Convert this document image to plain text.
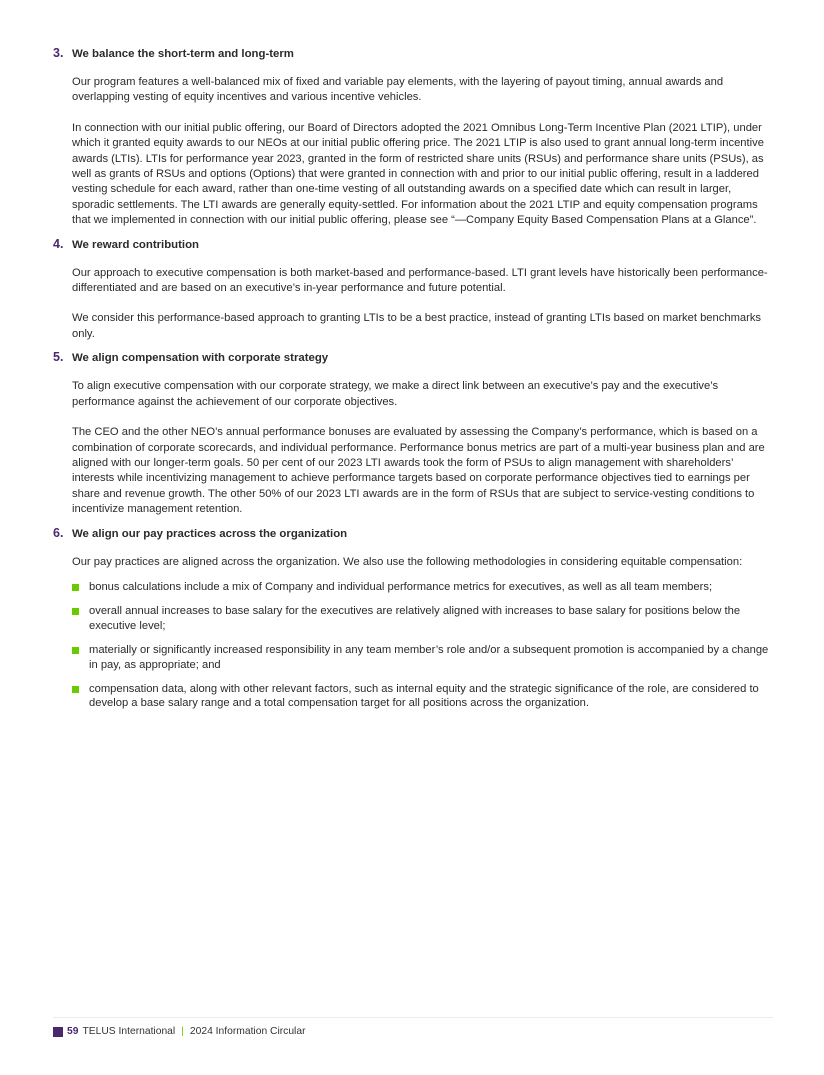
3. We balance the short-term and long-term

Our program features a well-balanced mix of fixed and variable pay elements, with the layering of payout timing, annual awards and overlapping vesting of equity incentives and various incentive vehicles.

In connection with our initial public offering, our Board of Directors adopted the 2021 Omnibus Long-Term Incentive Plan (2021 LTIP), under which it granted equity awards to our NEOs at our initial public offering price. The 2021 LTIP is also used to grant annual long-term incentive awards (LTIs). LTIs for performance year 2023, granted in the form of restricted share units (RSUs) and performance share units (PSUs), as well as grants of RSUs and options (Options) that were granted in connection with and prior to our initial public offering, result in a laddered vesting schedule for each award, rather than one-time vesting of all outstanding awards on a specified date which can result in larger, sporadic settlements. The LTI awards are generally equity-settled. For information about the 2021 LTIP and equity compensation programs that we implemented in connection with our initial public offering, please see “—Company Equity Based Compensation Plans at a Glance”.

4. We reward contribution

Our approach to executive compensation is both market-based and performance-based. LTI grant levels have historically been performance-differentiated and are based on an executive’s in-year performance and future potential.

We consider this performance-based approach to granting LTIs to be a best practice, instead of granting LTIs based on market benchmarks only.

5. We align compensation with corporate strategy

To align executive compensation with our corporate strategy, we make a direct link between an executive’s pay and the executive’s performance against the achievement of our corporate objectives.

The CEO and the other NEO’s annual performance bonuses are evaluated by assessing the Company’s performance, which is based on a combination of corporate scorecards, and individual performance. Performance bonus metrics are part of a multi-year business plan and are aligned with our longer-term goals. 50 per cent of our 2023 LTI awards took the form of PSUs to align management with shareholders’ interests while incentivizing management to achieve performance targets based on corporate performance objectives tied to earnings per share and revenue growth. The other 50% of our 2023 LTI awards are in the form of RSUs that are subject to service-vesting conditions to incentivize management retention.

6. We align our pay practices across the organization

Our pay practices are aligned across the organization. We also use the following methodologies in considering equitable compensation:

bonus calculations include a mix of Company and individual performance metrics for executives, as well as all team members;
overall annual increases to base salary for the executives are relatively aligned with increases to base salary for positions below the executive level;
materially or significantly increased responsibility in any team member’s role and/or a subsequent promotion is accompanied by a change in pay, as appropriate; and
compensation data, along with other relevant factors, such as internal equity and the strategic significance of the role, are considered to develop a base salary range and a total compensation target for all positions across the organization.
59 TELUS International | 2024 Information Circular
